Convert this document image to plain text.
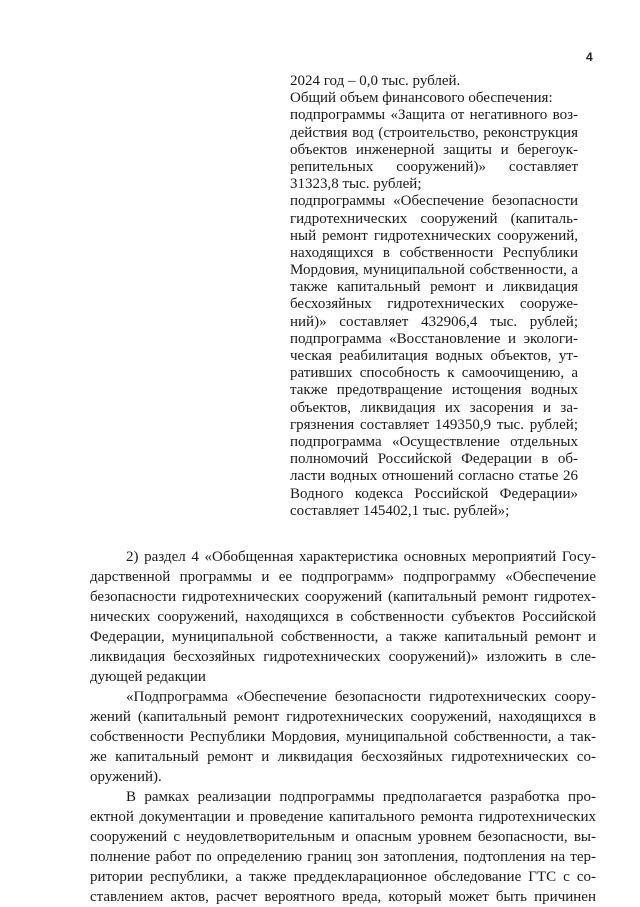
4
2024 год – 0,0 тыс. рублей.
Общий объем финансового обеспечения:
подпрограммы «Защита от негативного воз-
действия вод (строительство, реконструкция
объектов инженерной защиты и берегоук-
репительных сооружений)» составляет
31323,8 тыс. рублей;
подпрограммы «Обеспечение безопасности
гидротехнических сооружений (капиталь-
ный ремонт гидротехнических сооружений,
находящихся в собственности Республики
Мордовия, муниципальной собственности, а
также капитальный ремонт и ликвидация
бесхозяйных гидротехнических сооруже-
ний)» составляет 432906,4 тыс. рублей;
подпрограмма «Восстановление и экологи-
ческая реабилитация водных объектов, ут-
ративших способность к самоочищению, а
также предотвращение истощения водных
объектов, ликвидация их засорения и за-
грязнения составляет 149350,9 тыс. рублей;
подпрограмма «Осуществление отдельных
полномочий Российской Федерации в об-
ласти водных отношений согласно статье 26
Водного кодекса Российской Федерации»
составляет 145402,1 тыс. рублей»;
2) раздел 4 «Обобщенная характеристика основных мероприятий Госу-
дарственной программы и ее подпрограмм» подпрограмму «Обеспечение
безопасности гидротехнических сооружений (капитальный ремонт гидротех-
нических сооружений, находящихся в собственности субъектов Российской
Федерации, муниципальной собственности, а также капитальный ремонт и
ликвидация бесхозяйных гидротехнических сооружений)» изложить в сле-
дующей редакции
«Подпрограмма «Обеспечение безопасности гидротехнических соору-
жений (капитальный ремонт гидротехнических сооружений, находящихся в
собственности Республики Мордовия, муниципальной собственности, а так-
же капитальный ремонт и ликвидация бесхозяйных гидротехнических со-
оружений).
В рамках реализации подпрограммы предполагается разработка про-
ектной документации и проведение капитального ремонта гидротехнических
сооружений с неудовлетворительным и опасным уровнем безопасности, вы-
полнение работ по определению границ зон затопления, подтопления на тер-
ритории республики, а также преддекларационное обследование ГТС с со-
ставлением актов, расчет вероятного вреда, который может быть причинен
